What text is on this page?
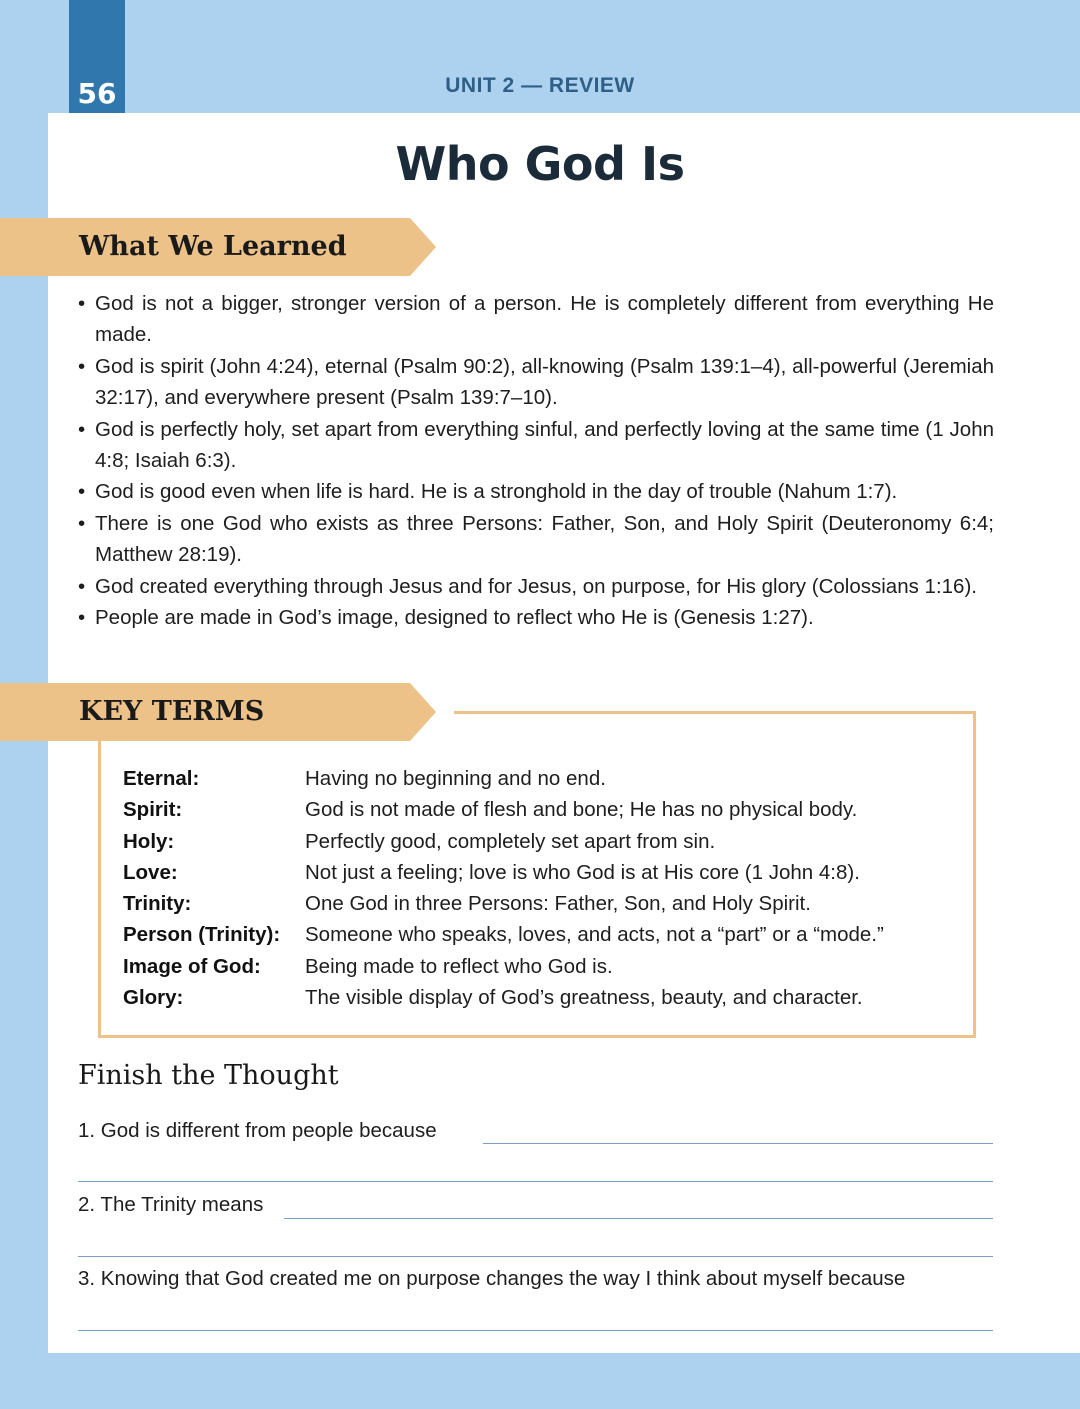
56	UNIT 2 — REVIEW
Who God Is
What We Learned
• God is not a bigger, stronger version of a person. He is completely different from everything He made.
• God is spirit (John 4:24), eternal (Psalm 90:2), all-knowing (Psalm 139:1–4), all-powerful (Jeremiah 32:17), and everywhere present (Psalm 139:7–10).
• God is perfectly holy, set apart from everything sinful, and perfectly loving at the same time (1 John 4:8; Isaiah 6:3).
• God is good even when life is hard. He is a stronghold in the day of trouble (Nahum 1:7).
• There is one God who exists as three Persons: Father, Son, and Holy Spirit (Deuteronomy 6:4; Matthew 28:19).
• God created everything through Jesus and for Jesus, on purpose, for His glory (Colossians 1:16).
• People are made in God’s image, designed to reflect who He is (Genesis 1:27).
KEY TERMS
Eternal:	Having no beginning and no end.
Spirit:	God is not made of flesh and bone; He has no physical body.
Holy:	Perfectly good, completely set apart from sin.
Love:	Not just a feeling; love is who God is at His core (1 John 4:8).
Trinity:	One God in three Persons: Father, Son, and Holy Spirit.
Person (Trinity):	Someone who speaks, loves, and acts, not a “part” or a “mode.”
Image of God:	Being made to reflect who God is.
Glory:	The visible display of God’s greatness, beauty, and character.
Finish the Thought
1. God is different from people because
2. The Trinity means
3. Knowing that God created me on purpose changes the way I think about myself because
